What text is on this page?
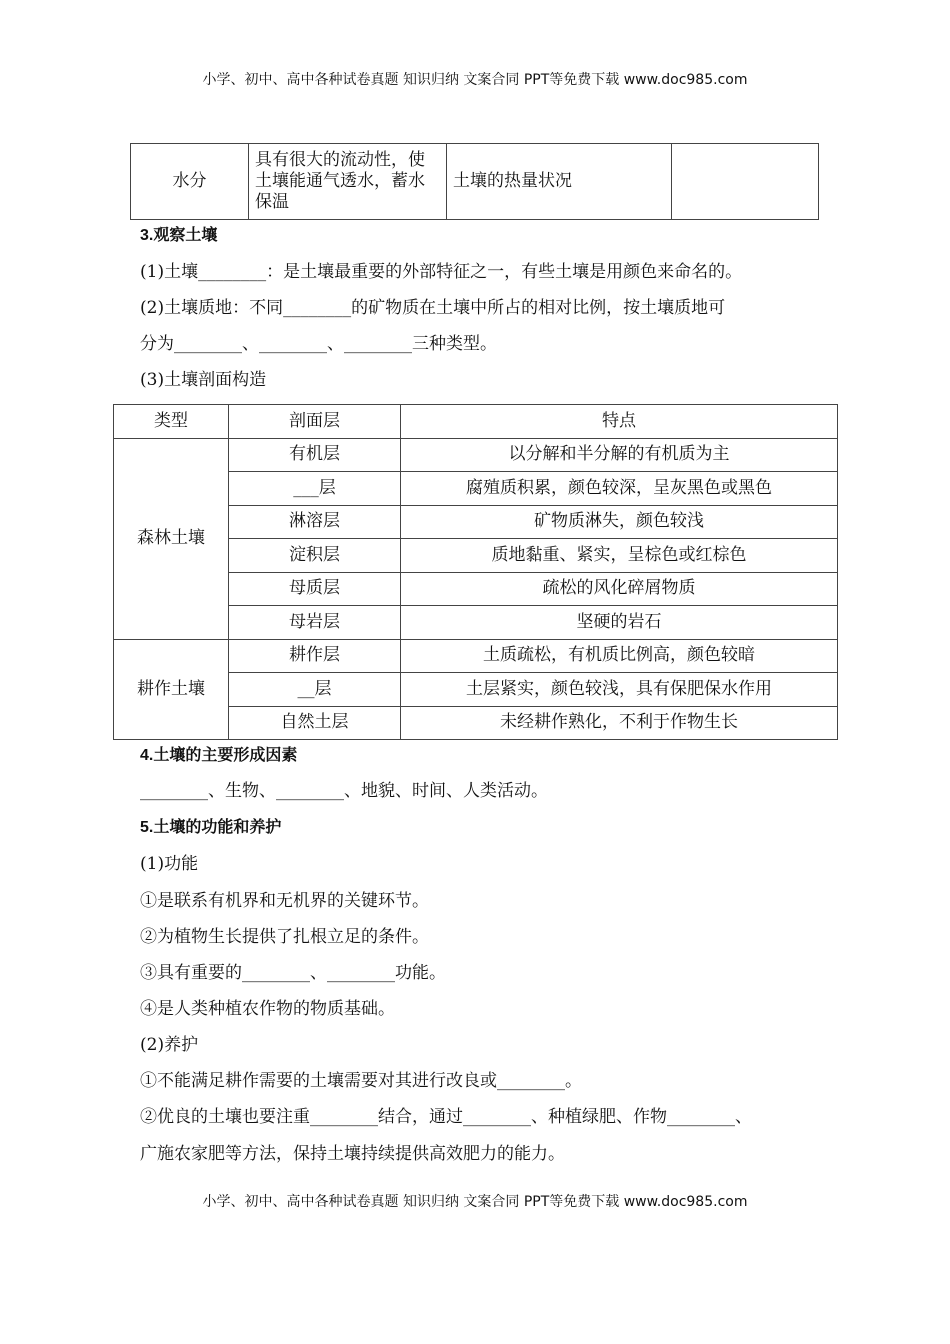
小学、初中、高中各种试卷真题 知识归纳 文案合同 PPT等免费下载 www.doc985.com
水分	具有很大的流动性，使土壤能通气透水，蓄水保温	土壤的热量状况	
3.观察土壤
(1)土壤________：是土壤最重要的外部特征之一，有些土壤是用颜色来命名的。
(2)土壤质地：不同________的矿物质在土壤中所占的相对比例，按土壤质地可
分为________、________、________三种类型。
(3)土壤剖面构造
类型	剖面层	特点
森林土壤	有机层	以分解和半分解的有机质为主
	___层	腐殖质积累，颜色较深，呈灰黑色或黑色
	淋溶层	矿物质淋失，颜色较浅
	淀积层	质地黏重、紧实，呈棕色或红棕色
	母质层	疏松的风化碎屑物质
	母岩层	坚硬的岩石
耕作土壤	耕作层	土质疏松，有机质比例高，颜色较暗
	__层	土层紧实，颜色较浅，具有保肥保水作用
	自然土层	未经耕作熟化，不利于作物生长
4.土壤的主要形成因素
________、生物、________、地貌、时间、人类活动。
5.土壤的功能和养护
(1)功能
①是联系有机界和无机界的关键环节。
②为植物生长提供了扎根立足的条件。
③具有重要的________、________功能。
④是人类种植农作物的物质基础。
(2)养护
①不能满足耕作需要的土壤需要对其进行改良或________。
②优良的土壤也要注重________结合，通过________、种植绿肥、作物________、
广施农家肥等方法，保持土壤持续提供高效肥力的能力。
小学、初中、高中各种试卷真题 知识归纳 文案合同 PPT等免费下载 www.doc985.com
